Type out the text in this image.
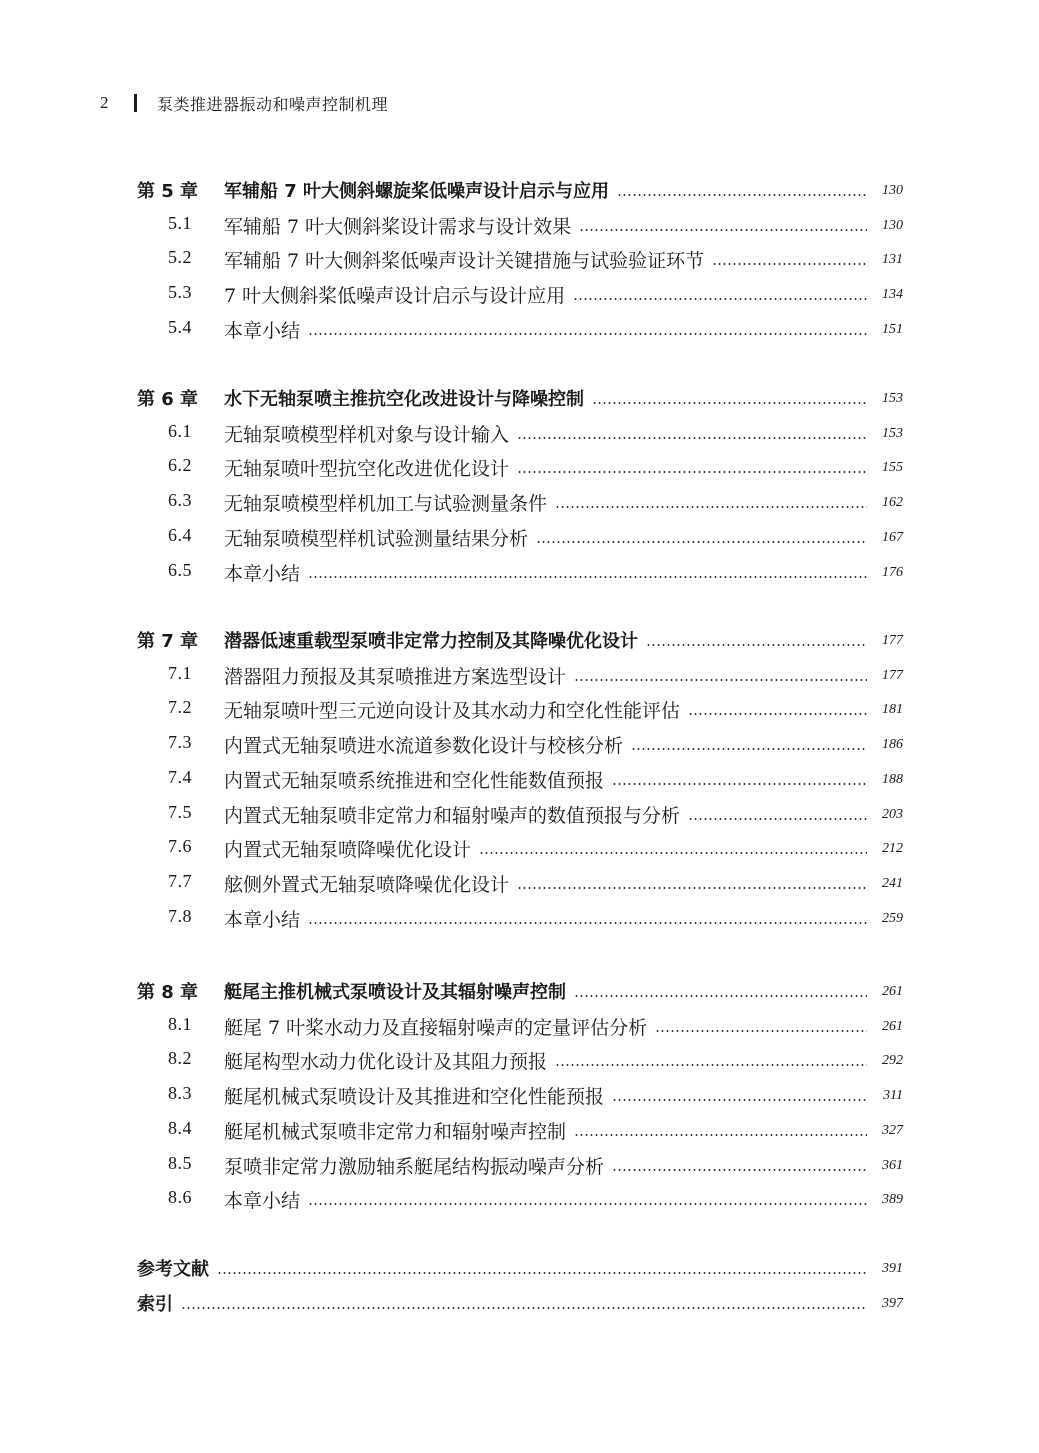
2	泵类推进器振动和噪声控制机理
第 5 章 军辅船 7 叶大侧斜螺旋桨低噪声设计启示与应用	130
5.1 军辅船 7 叶大侧斜桨设计需求与设计效果	130
5.2 军辅船 7 叶大侧斜桨低噪声设计关键措施与试验验证环节	131
5.3 7 叶大侧斜桨低噪声设计启示与设计应用	134
5.4 本章小结	151
第 6 章 水下无轴泵喷主推抗空化改进设计与降噪控制	153
6.1 无轴泵喷模型样机对象与设计输入	153
6.2 无轴泵喷叶型抗空化改进优化设计	155
6.3 无轴泵喷模型样机加工与试验测量条件	162
6.4 无轴泵喷模型样机试验测量结果分析	167
6.5 本章小结	176
第 7 章 潜器低速重载型泵喷非定常力控制及其降噪优化设计	177
7.1 潜器阻力预报及其泵喷推进方案选型设计	177
7.2 无轴泵喷叶型三元逆向设计及其水动力和空化性能评估	181
7.3 内置式无轴泵喷进水流道参数化设计与校核分析	186
7.4 内置式无轴泵喷系统推进和空化性能数值预报	188
7.5 内置式无轴泵喷非定常力和辐射噪声的数值预报与分析	203
7.6 内置式无轴泵喷降噪优化设计	212
7.7 舷侧外置式无轴泵喷降噪优化设计	241
7.8 本章小结	259
第 8 章 艇尾主推机械式泵喷设计及其辐射噪声控制	261
8.1 艇尾 7 叶桨水动力及直接辐射噪声的定量评估分析	261
8.2 艇尾构型水动力优化设计及其阻力预报	292
8.3 艇尾机械式泵喷设计及其推进和空化性能预报	311
8.4 艇尾机械式泵喷非定常力和辐射噪声控制	327
8.5 泵喷非定常力激励轴系艇尾结构振动噪声分析	361
8.6 本章小结	389
参考文献	391
索引	397
